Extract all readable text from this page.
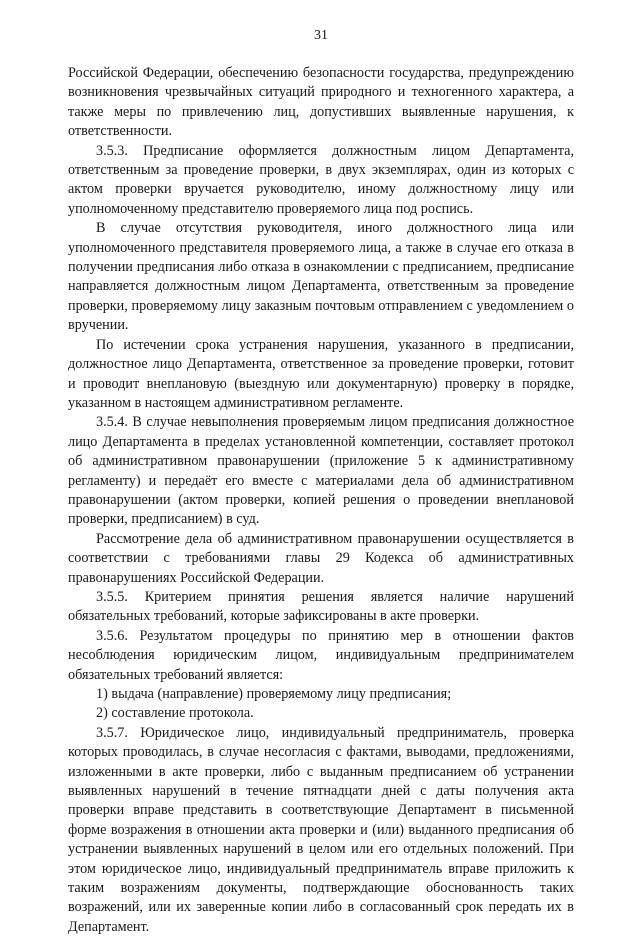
31

Российской Федерации, обеспечению безопасности государства, предупреждению возникновения чрезвычайных ситуаций природного и техногенного характера, а также меры по привлечению лиц, допустивших выявленные нарушения, к ответственности.

3.5.3. Предписание оформляется должностным лицом Департамента, ответственным за проведение проверки, в двух экземплярах, один из которых с актом проверки вручается руководителю, иному должностному лицу или уполномоченному представителю проверяемого лица под роспись.

В случае отсутствия руководителя, иного должностного лица или уполномоченного представителя проверяемого лица, а также в случае его отказа в получении предписания либо отказа в ознакомлении с предписанием, предписание направляется должностным лицом Департамента, ответственным за проведение проверки, проверяемому лицу заказным почтовым отправлением с уведомлением о вручении.

По истечении срока устранения нарушения, указанного в предписании, должностное лицо Департамента, ответственное за проведение проверки, готовит и проводит внеплановую (выездную или документарную) проверку в порядке, указанном в настоящем административном регламенте.

3.5.4. В случае невыполнения проверяемым лицом предписания должностное лицо Департамента в пределах установленной компетенции, составляет протокол об административном правонарушении (приложение 5 к административному регламенту) и передаёт его вместе с материалами дела об административном правонарушении (актом проверки, копией решения о проведении внеплановой проверки, предписанием) в суд.

Рассмотрение дела об административном правонарушении осуществляется в соответствии с требованиями главы 29 Кодекса об административных правонарушениях Российской Федерации.

3.5.5. Критерием принятия решения является наличие нарушений обязательных требований, которые зафиксированы в акте проверки.

3.5.6. Результатом процедуры по принятию мер в отношении фактов несоблюдения юридическим лицом, индивидуальным предпринимателем обязательных требований является:

1) выдача (направление) проверяемому лицу предписания;

2) составление протокола.

3.5.7. Юридическое лицо, индивидуальный предприниматель, проверка которых проводилась, в случае несогласия с фактами, выводами, предложениями, изложенными в акте проверки, либо с выданным предписанием об устранении выявленных нарушений в течение пятнадцати дней с даты получения акта проверки вправе представить в соответствующие Департамент в письменной форме возражения в отношении акта проверки и (или) выданного предписания об устранении выявленных нарушений в целом или его отдельных положений. При этом юридическое лицо, индивидуальный предприниматель вправе приложить к таким возражениям документы, подтверждающие обоснованность таких возражений, или их заверенные копии либо в согласованный срок передать их в Департамент.
